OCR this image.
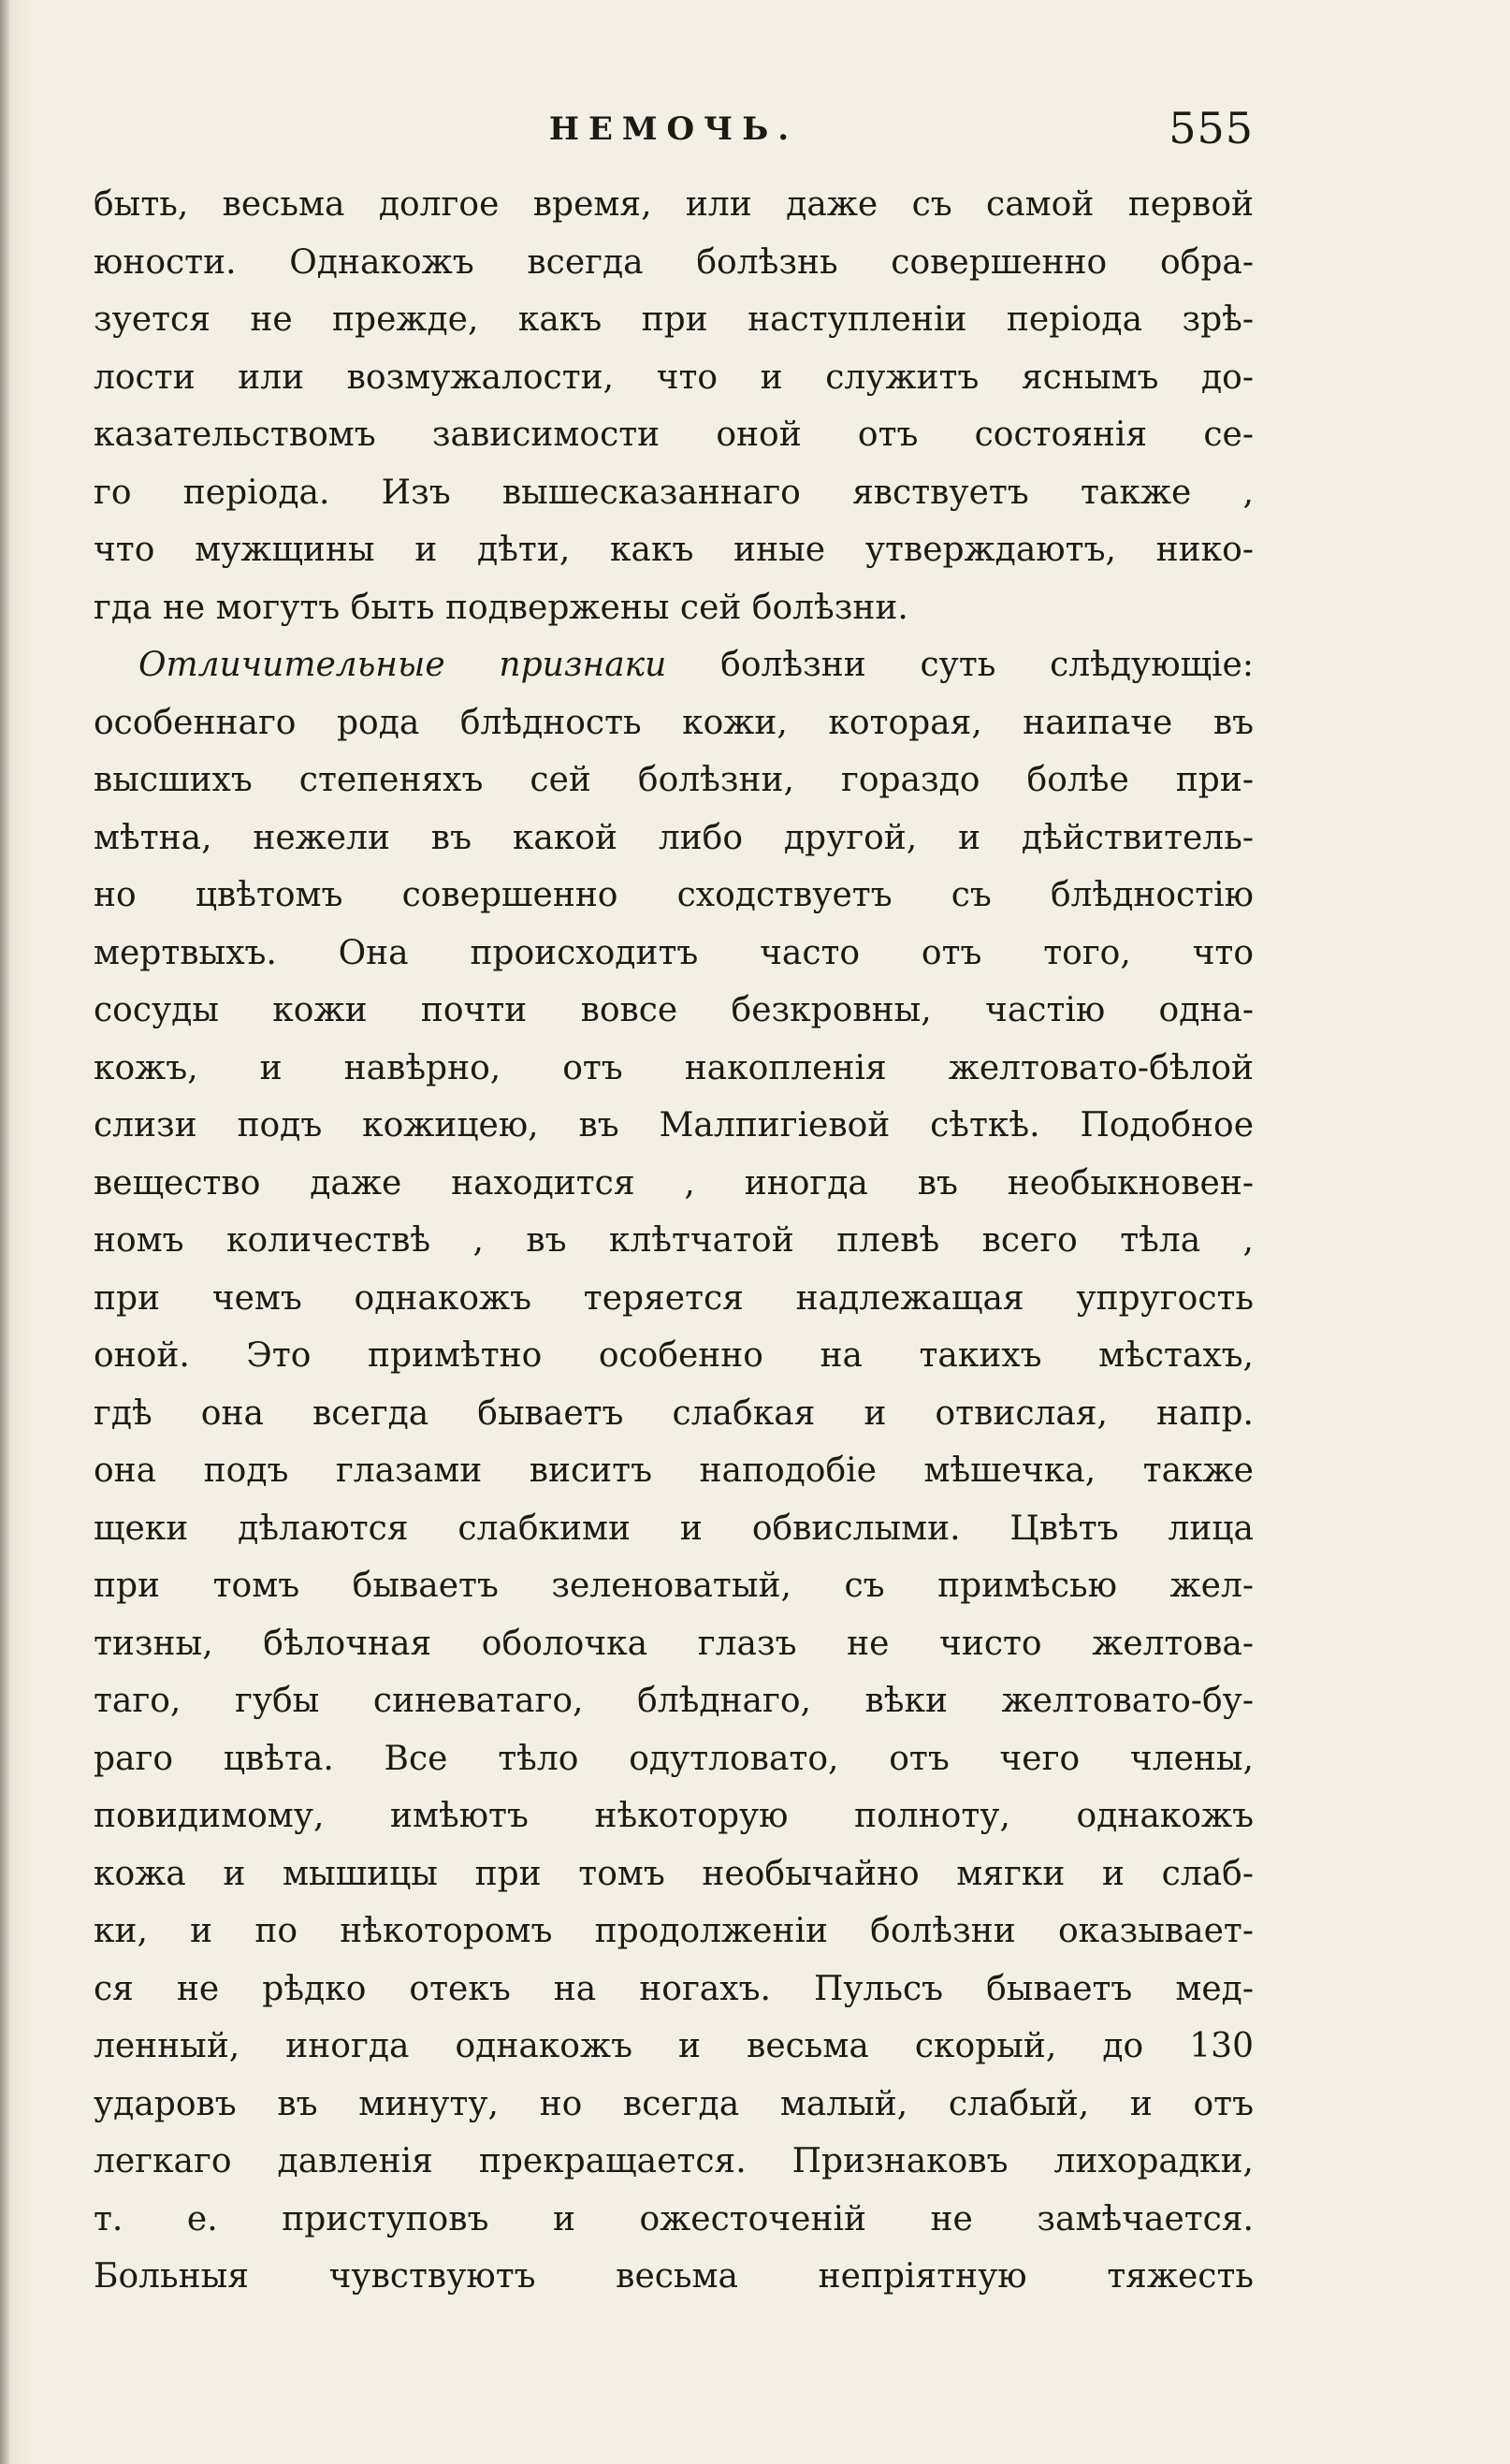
НЕМОЧЬ.	555
быть, весьма долгое время, или даже съ самой первой
юности. Однакожъ всегда болѣзнь совершенно обра-
зуется не прежде, какъ при наступленіи періода зрѣ-
лости или возмужалости, что и служитъ яснымъ до-
казательствомъ зависимости оной отъ состоянія се-
го періода. Изъ вышесказаннаго явствуетъ также ,
что мужщины и дѣти, какъ иные утверждаютъ, нико-
гда не могутъ быть подвержены сей болѣзни.
Отличительные признаки болѣзни суть слѣдующіе:
особеннаго рода блѣдность кожи, которая, наипаче въ
высшихъ степеняхъ сей болѣзни, гораздо болѣе при-
мѣтна, нежели въ какой либо другой, и дѣйствитель-
но цвѣтомъ совершенно сходствуетъ съ блѣдностію
мертвыхъ. Она происходитъ часто отъ того, что
сосуды кожи почти вовсе безкровны, частію одна-
кожъ, и навѣрно, отъ накопленія желтовато-бѣлой
слизи подъ кожицею, въ Малпигіевой сѣткѣ. Подобное
вещество даже находится , иногда въ необыкновен-
номъ количествѣ , въ клѣтчатой плевѣ всего тѣла ,
при чемъ однакожъ теряется надлежащая упругость
оной. Это примѣтно особенно на такихъ мѣстахъ,
гдѣ она всегда бываетъ слабкая и отвислая, напр.
она подъ глазами виситъ наподобіе мѣшечка, также
щеки дѣлаются слабкими и обвислыми. Цвѣтъ лица
при томъ бываетъ зеленоватый, съ примѣсью жел-
тизны, бѣлочная оболочка глазъ не чисто желтова-
таго, губы синеватаго, блѣднаго, вѣки желтовато-бу-
раго цвѣта. Все тѣло одутловато, отъ чего члены,
повидимому, имѣютъ нѣкоторую полноту, однакожъ
кожа и мышицы при томъ необычайно мягки и слаб-
ки, и по нѣкоторомъ продолженіи болѣзни оказывает-
ся не рѣдко отекъ на ногахъ. Пульсъ бываетъ мед-
ленный, иногда однакожъ и весьма скорый, до 130
ударовъ въ минуту, но всегда малый, слабый, и отъ
легкаго давленія прекращается. Признаковъ лихорадки,
т. е. приступовъ и ожесточеній не замѣчается.
Больныя чувствуютъ весьма непріятную тяжесть
